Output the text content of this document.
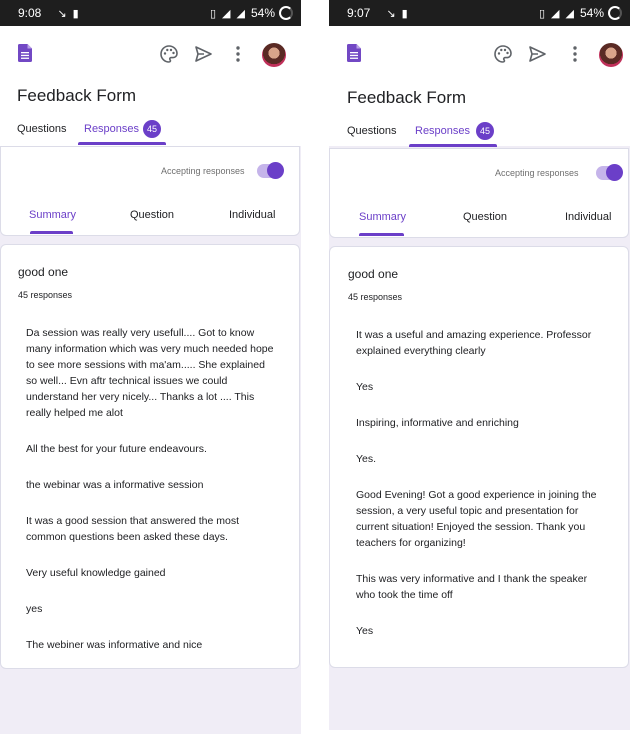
9:08 ↘ ▮	▯ ◢ ◢ 54%
Feedback Form
Questions Responses 45
Accepting responses
Summary	Question	Individual
good one
45 responses

Da session was really very usefull.... Got to know many information which was very much needed hope to see more sessions with ma'am..... She explained so well... Evn aftr technical issues we could understand her very nicely... Thanks a lot .... This really helped me alot

All the best for your future endeavours.

the webinar was a informative session

It was a good session that answered the most common questions been asked these days.

Very useful knowledge gained

yes

The webiner was informative and nice

9:07 ↘ ▮	▯ ◢ ◢ 54%
Feedback Form
Questions Responses	45
Accepting responses
Summary	Question	Individual
good one
45 responses

It was a useful and amazing experience. Professor explained everything clearly

Yes

Inspiring, informative and enriching

Yes.

Good Evening! Got a good experience in joining the session, a very useful topic and presentation for current situation! Enjoyed the session. Thank you teachers for organizing!

This was very informative and I thank the speaker who took the time off

Yes
